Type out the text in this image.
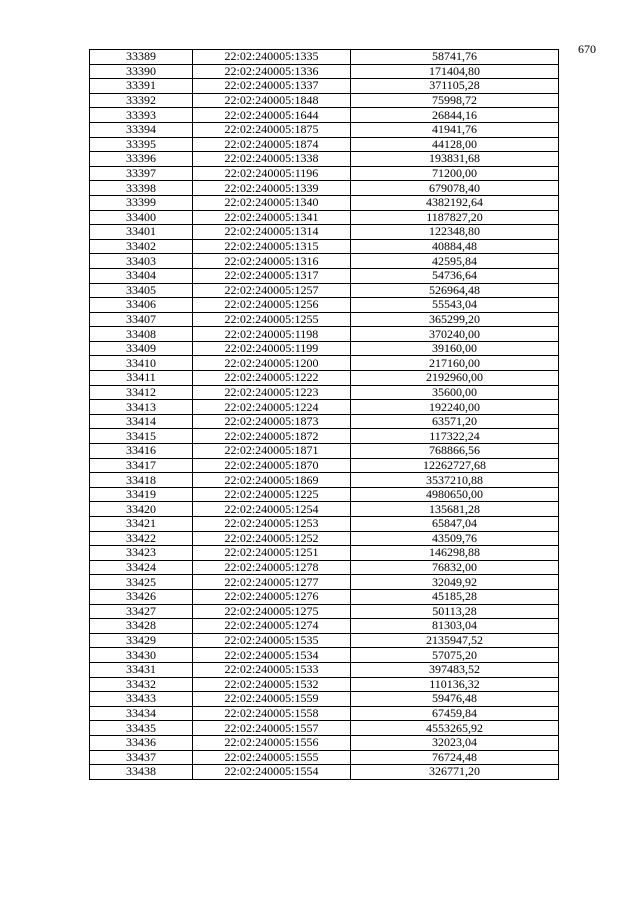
670
33389	22:02:240005:1335	58741,76
33390	22:02:240005:1336	171404,80
33391	22:02:240005:1337	371105,28
33392	22:02:240005:1848	75998,72
33393	22:02:240005:1644	26844,16
33394	22:02:240005:1875	41941,76
33395	22:02:240005:1874	44128,00
33396	22:02:240005:1338	193831,68
33397	22:02:240005:1196	71200,00
33398	22:02:240005:1339	679078,40
33399	22:02:240005:1340	4382192,64
33400	22:02:240005:1341	1187827,20
33401	22:02:240005:1314	122348,80
33402	22:02:240005:1315	40884,48
33403	22:02:240005:1316	42595,84
33404	22:02:240005:1317	54736,64
33405	22:02:240005:1257	526964,48
33406	22:02:240005:1256	55543,04
33407	22:02:240005:1255	365299,20
33408	22:02:240005:1198	370240,00
33409	22:02:240005:1199	39160,00
33410	22:02:240005:1200	217160,00
33411	22:02:240005:1222	2192960,00
33412	22:02:240005:1223	35600,00
33413	22:02:240005:1224	192240,00
33414	22:02:240005:1873	63571,20
33415	22:02:240005:1872	117322,24
33416	22:02:240005:1871	768866,56
33417	22:02:240005:1870	12262727,68
33418	22:02:240005:1869	3537210,88
33419	22:02:240005:1225	4980650,00
33420	22:02:240005:1254	135681,28
33421	22:02:240005:1253	65847,04
33422	22:02:240005:1252	43509,76
33423	22:02:240005:1251	146298,88
33424	22:02:240005:1278	76832,00
33425	22:02:240005:1277	32049,92
33426	22:02:240005:1276	45185,28
33427	22:02:240005:1275	50113,28
33428	22:02:240005:1274	81303,04
33429	22:02:240005:1535	2135947,52
33430	22:02:240005:1534	57075,20
33431	22:02:240005:1533	397483,52
33432	22:02:240005:1532	110136,32
33433	22:02:240005:1559	59476,48
33434	22:02:240005:1558	67459,84
33435	22:02:240005:1557	4553265,92
33436	22:02:240005:1556	32023,04
33437	22:02:240005:1555	76724,48
33438	22:02:240005:1554	326771,20
